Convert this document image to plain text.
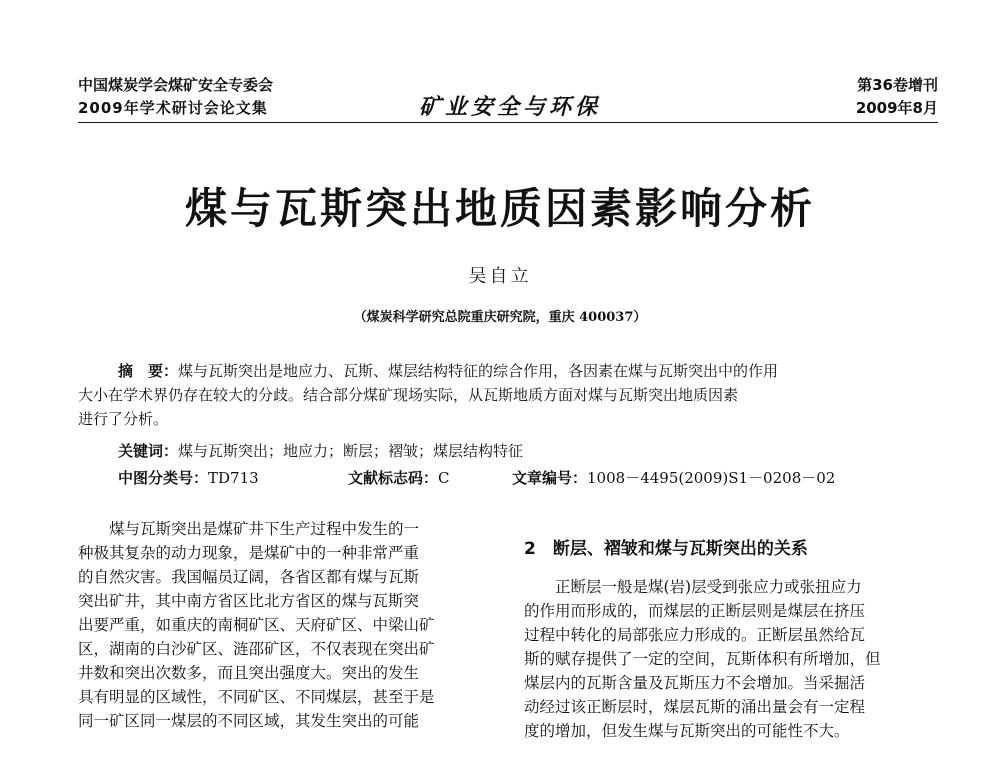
中国煤炭学会煤矿安全专委会
2009年学术研讨会论文集	矿业安全与环保
第36卷增刊
2009年8月
煤与瓦斯突出地质因素影响分析
吴自立
（煤炭科学研究总院重庆研究院，重庆 400037）
摘　要：煤与瓦斯突出是地应力、瓦斯、煤层结构特征的综合作用，各因素在煤与瓦斯突出中的作用
大小在学术界仍存在较大的分歧。结合部分煤矿现场实际，从瓦斯地质方面对煤与瓦斯突出地质因素
进行了分析。
关键词：煤与瓦斯突出；地应力；断层；褶皱；煤层结构特征
中图分类号：TD713	文献标志码：C	文章编号：1008－4495(2009)S1－0208－02
　　煤与瓦斯突出是煤矿井下生产过程中发生的一
种极其复杂的动力现象，是煤矿中的一种非常严重
的自然灾害。我国幅员辽阔，各省区都有煤与瓦斯
突出矿井，其中南方省区比北方省区的煤与瓦斯突
出要严重，如重庆的南桐矿区、天府矿区、中梁山矿
区，湖南的白沙矿区、涟邵矿区，不仅表现在突出矿
井数和突出次数多，而且突出强度大。突出的发生
具有明显的区域性，不同矿区、不同煤层，甚至于是
同一矿区同一煤层的不同区域，其发生突出的可能
2　断层、褶皱和煤与瓦斯突出的关系
　　正断层一般是煤(岩)层受到张应力或张扭应力
的作用而形成的，而煤层的正断层则是煤层在挤压
过程中转化的局部张应力形成的。正断层虽然给瓦
斯的赋存提供了一定的空间，瓦斯体积有所增加，但
煤层内的瓦斯含量及瓦斯压力不会增加。当采掘活
动经过该正断层时，煤层瓦斯的涌出量会有一定程
度的增加，但发生煤与瓦斯突出的可能性不大。
